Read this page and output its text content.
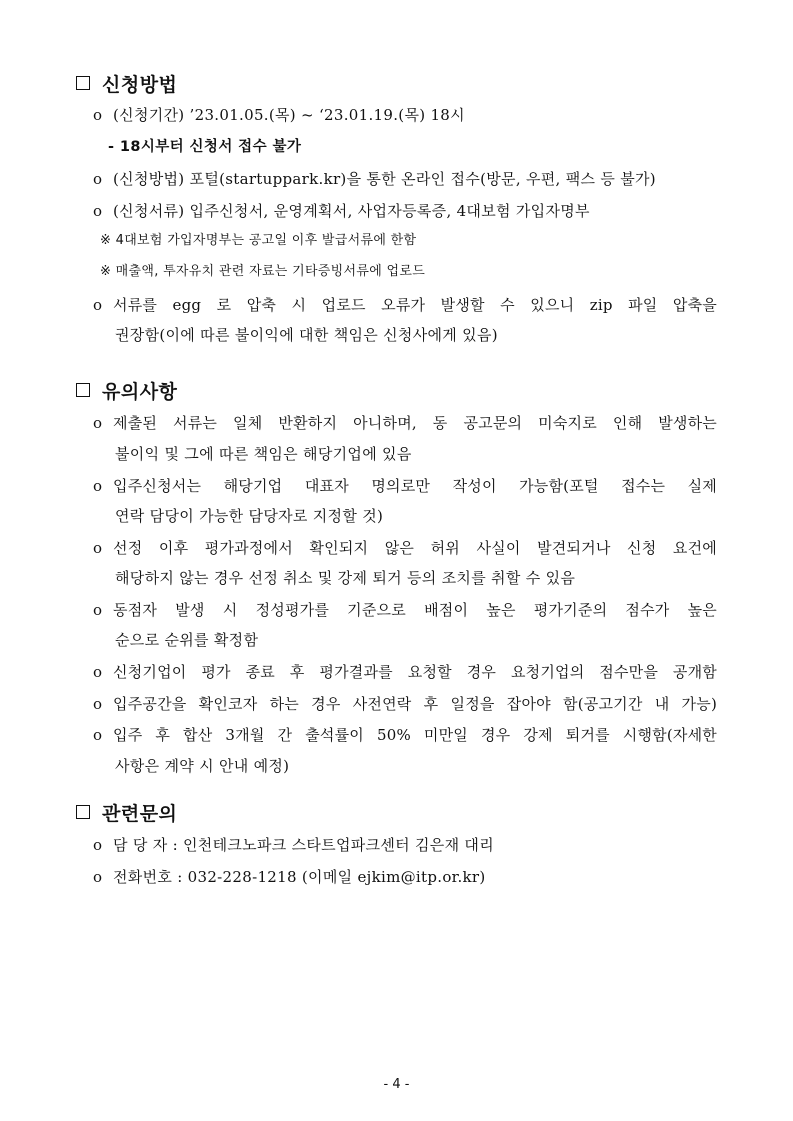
신청방법
o (신청기간) ’23.01.05.(목) ~ ‘23.01.19.(목) 18시
- 18시부터 신청서 접수 불가
o (신청방법) 포털(startuppark.kr)을 통한 온라인 접수(방문, 우편, 팩스 등 불가)
o (신청서류) 입주신청서, 운영계획서, 사업자등록증, 4대보험 가입자명부
※ 4대보험 가입자명부는 공고일 이후 발급서류에 한함
※ 매출액, 투자유치 관련 자료는 기타증빙서류에 업로드
o 서류를 egg 로 압축 시 업로드 오류가 발생할 수 있으니 zip 파일 압축을
권장함(이에 따른 불이익에 대한 책임은 신청사에게 있음)
유의사항
o 제출된 서류는 일체 반환하지 아니하며, 동 공고문의 미숙지로 인해 발생하는
불이익 및 그에 따른 책임은 해당기업에 있음
o 입주신청서는 해당기업 대표자 명의로만 작성이 가능함(포털 접수는 실제
연락 담당이 가능한 담당자로 지정할 것)
o 선정 이후 평가과정에서 확인되지 않은 허위 사실이 발견되거나 신청 요건에
해당하지 않는 경우 선정 취소 및 강제 퇴거 등의 조치를 취할 수 있음
o 동점자 발생 시 정성평가를 기준으로 배점이 높은 평가기준의 점수가 높은
순으로 순위를 확정함
o 신청기업이 평가 종료 후 평가결과를 요청할 경우 요청기업의 점수만을 공개함
o 입주공간을 확인코자 하는 경우 사전연락 후 일정을 잡아야 함(공고기간 내 가능)
o 입주 후 합산 3개월 간 출석률이 50% 미만일 경우 강제 퇴거를 시행함(자세한
사항은 계약 시 안내 예정)
관련문의
o 담 당 자 : 인천테크노파크 스타트업파크센터 김은재 대리
o 전화번호 : 032-228-1218 (이메일 ejkim@itp.or.kr)
- 4 -
